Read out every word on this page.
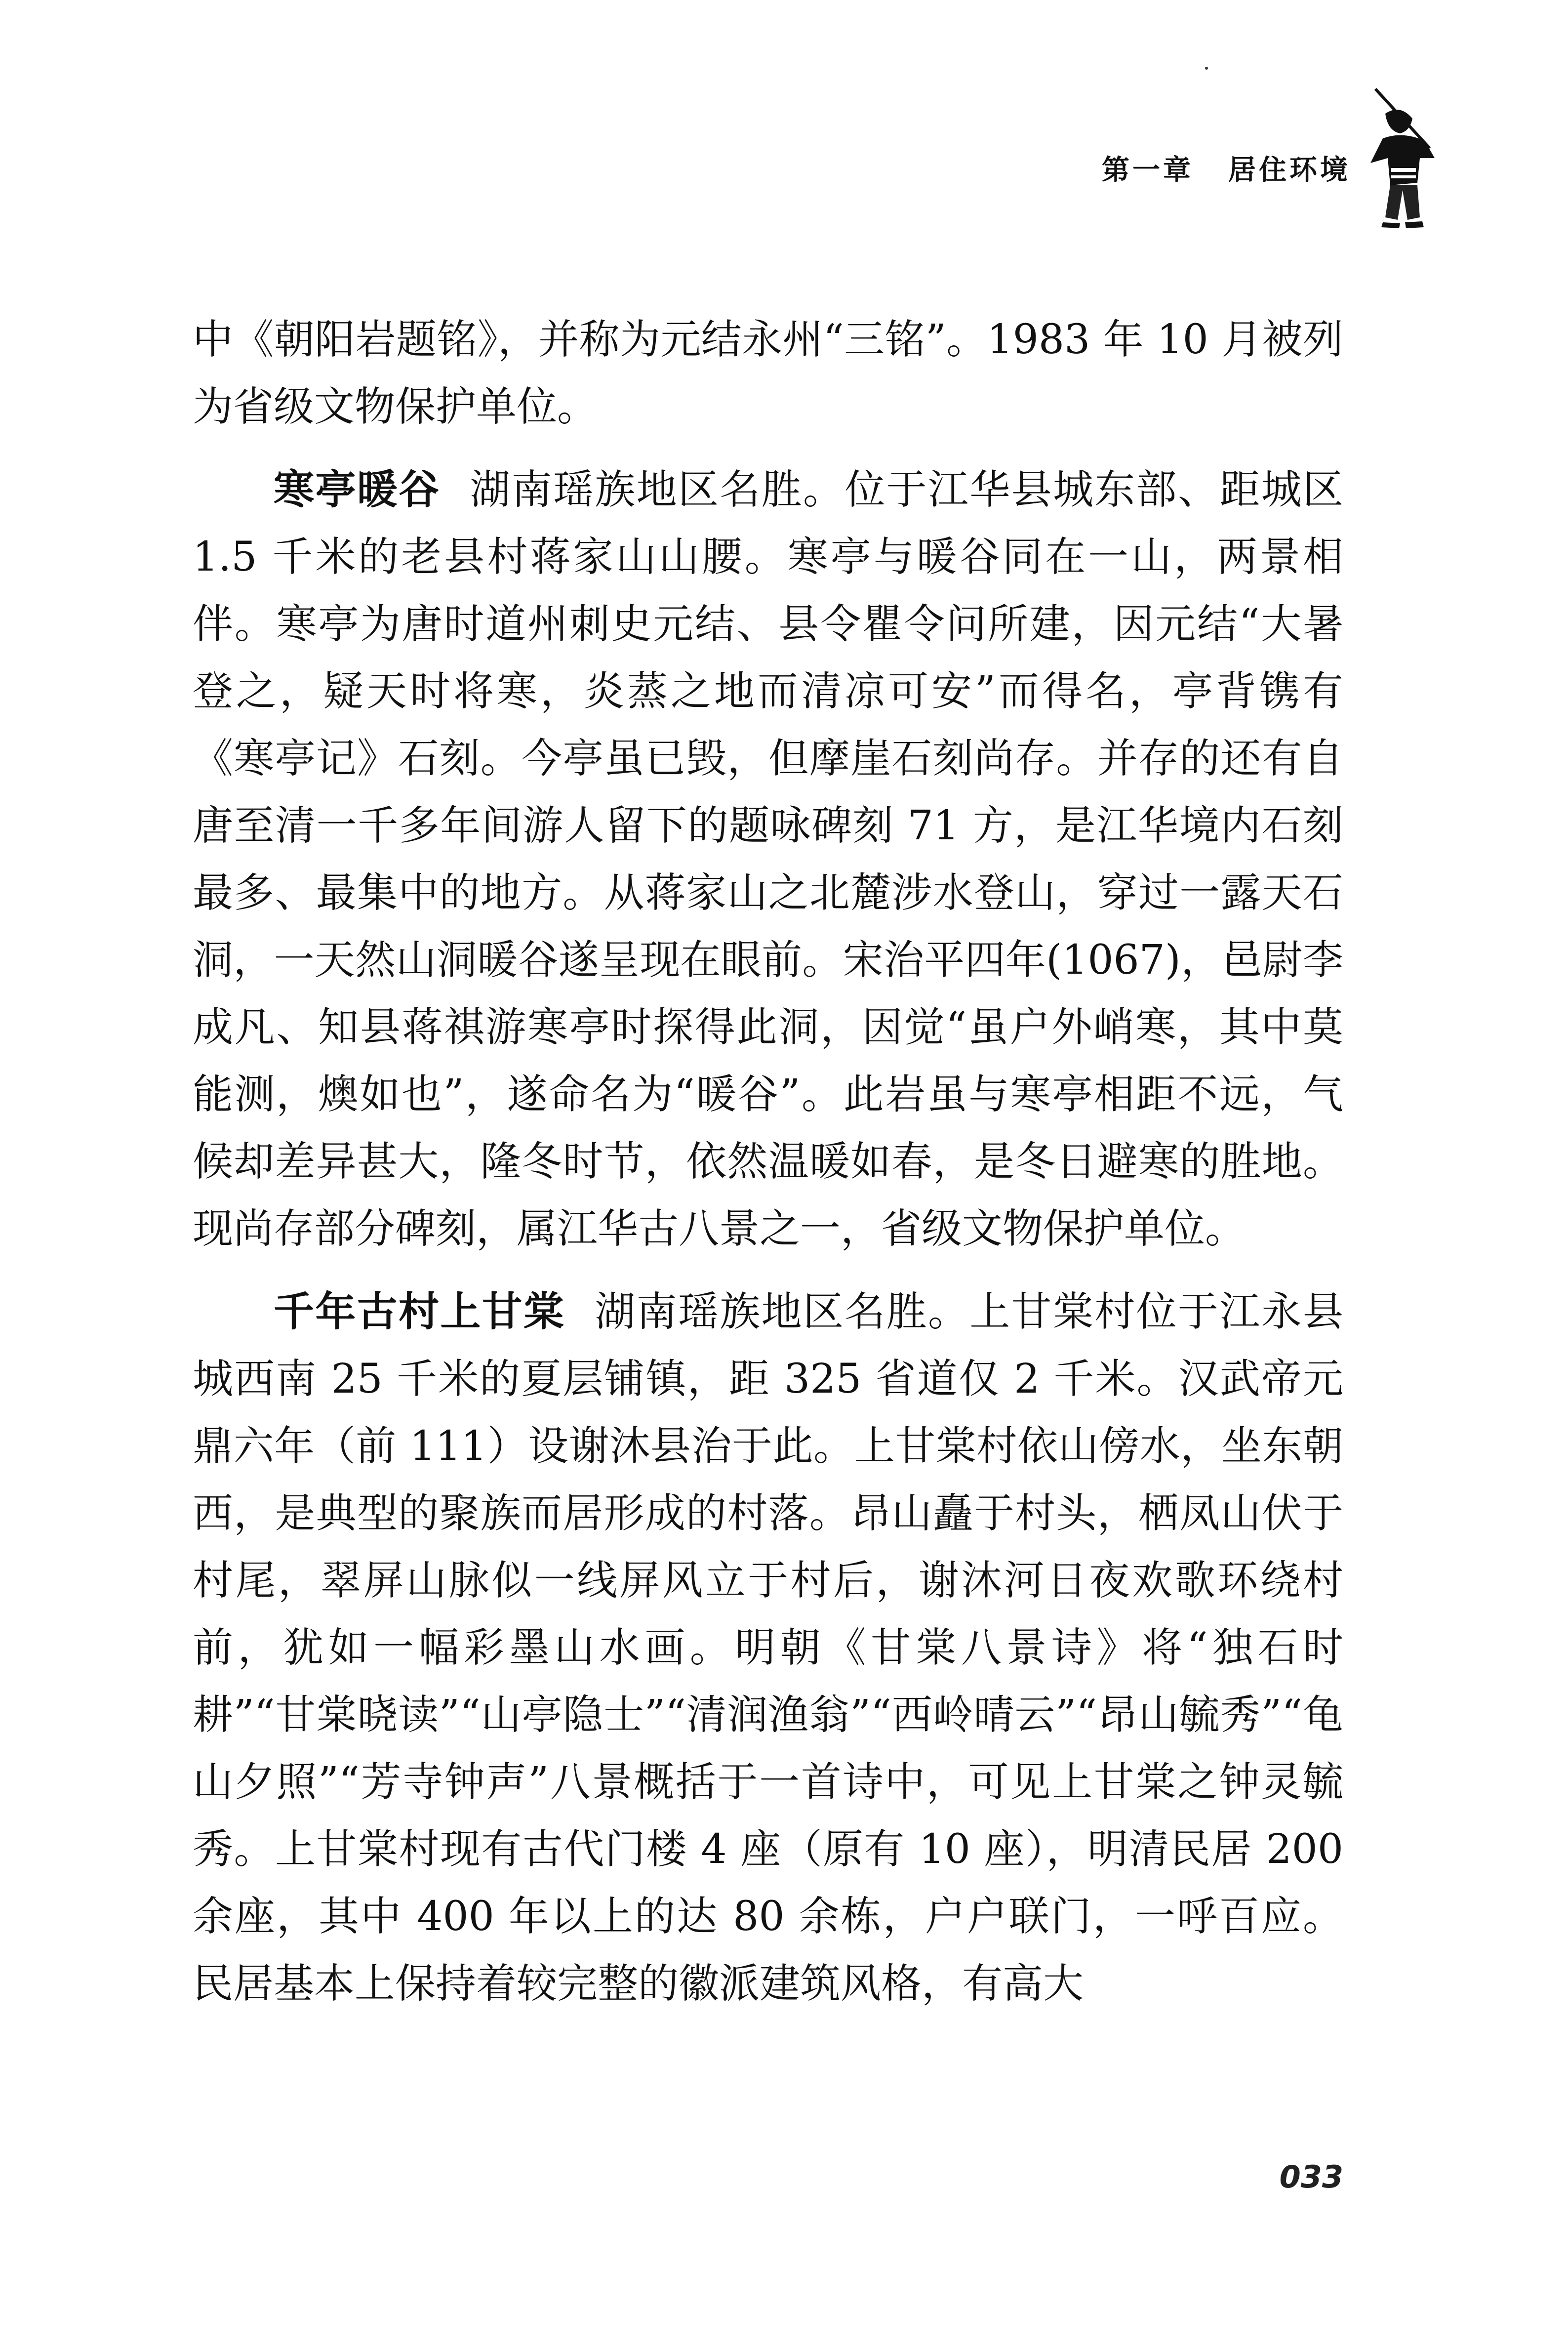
第一章 居住环境

中《朝阳岩题铭》，并称为元结永州“三铭”。1983 年 10 月被列为省级文物保护单位。

寒亭暖谷 湖南瑶族地区名胜。位于江华县城东部、距城区 1.5 千米的老县村蒋家山山腰。寒亭与暖谷同在一山，两景相伴。寒亭为唐时道州刺史元结、县令瞿令问所建，因元结“大暑登之，疑天时将寒，炎蒸之地而清凉可安”而得名，亭背镌有《寒亭记》石刻。今亭虽已毁，但摩崖石刻尚存。并存的还有自唐至清一千多年间游人留下的题咏碑刻 71 方，是江华境内石刻最多、最集中的地方。从蒋家山之北麓涉水登山，穿过一露天石洞，一天然山洞暖谷遂呈现在眼前。宋治平四年(1067)，邑尉李成凡、知县蒋祺游寒亭时探得此洞，因觉“虽户外峭寒，其中莫能测，燠如也”，遂命名为“暖谷”。此岩虽与寒亭相距不远，气候却差异甚大，隆冬时节，依然温暖如春，是冬日避寒的胜地。现尚存部分碑刻，属江华古八景之一，省级文物保护单位。

千年古村上甘棠 湖南瑶族地区名胜。上甘棠村位于江永县城西南 25 千米的夏层铺镇，距 325 省道仅 2 千米。汉武帝元鼎六年（前 111）设谢沐县治于此。上甘棠村依山傍水，坐东朝西，是典型的聚族而居形成的村落。昂山矗于村头，栖凤山伏于村尾，翠屏山脉似一线屏风立于村后，谢沐河日夜欢歌环绕村前，犹如一幅彩墨山水画。明朝《甘棠八景诗》将“独石时耕”“甘棠晓读”“山亭隐士”“清润渔翁”“西岭晴云”“昂山毓秀”“龟山夕照”“芳寺钟声”八景概括于一首诗中，可见上甘棠之钟灵毓秀。上甘棠村现有古代门楼 4 座（原有 10 座），明清民居 200 余座，其中 400 年以上的达 80 余栋，户户联门，一呼百应。民居基本上保持着较完整的徽派建筑风格，有高大

033
